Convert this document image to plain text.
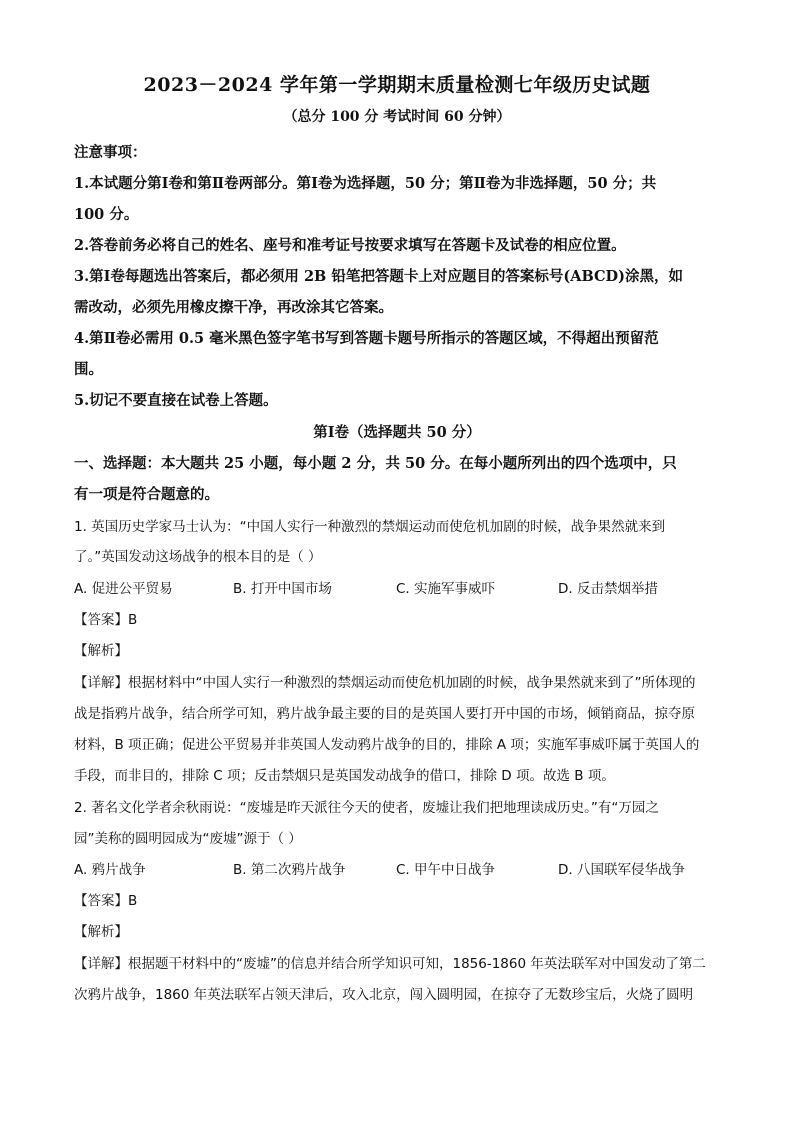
2023－2024 学年第一学期期末质量检测七年级历史试题
（总分 100 分 考试时间 60 分钟）
注意事项：
1.本试题分第Ⅰ卷和第Ⅱ卷两部分。第Ⅰ卷为选择题，50 分；第Ⅱ卷为非选择题，50 分；共
100 分。
2.答卷前务必将自己的姓名、座号和准考证号按要求填写在答题卡及试卷的相应位置。
3.第Ⅰ卷每题选出答案后，都必须用 2B 铅笔把答题卡上对应题目的答案标号(ABCD)涂黑，如
需改动，必须先用橡皮擦干净，再改涂其它答案。
4.第Ⅱ卷必需用 0.5 毫米黑色签字笔书写到答题卡题号所指示的答题区域，不得超出预留范
围。
5.切记不要直接在试卷上答题。
第Ⅰ卷（选择题共 50 分）
一、选择题：本大题共 25 小题，每小题 2 分，共 50 分。在每小题所列出的四个选项中，只
有一项是符合题意的。
1. 英国历史学家马士认为：“中国人实行一种激烈的禁烟运动而使危机加剧的时候，战争果然就来到
了。”英国发动这场战争的根本目的是（ ）
A. 促进公平贸易	B. 打开中国市场	C. 实施军事威吓	D. 反击禁烟举措
【答案】B
【解析】
【详解】根据材料中“中国人实行一种激烈的禁烟运动而使危机加剧的时候，战争果然就来到了”所体现的
战是指鸦片战争，结合所学可知，鸦片战争最主要的目的是英国人要打开中国的市场，倾销商品，掠夺原
材料，B 项正确；促进公平贸易并非英国人发动鸦片战争的目的，排除 A 项；实施军事威吓属于英国人的
手段，而非目的，排除 C 项；反击禁烟只是英国发动战争的借口，排除 D 项。故选 B 项。
2. 著名文化学者余秋雨说：“废墟是昨天派往今天的使者，废墟让我们把地理读成历史。”有“万园之
园”美称的圆明园成为“废墟”源于（ ）
A. 鸦片战争	B. 第二次鸦片战争	C. 甲午中日战争	D. 八国联军侵华战争
【答案】B
【解析】
【详解】根据题干材料中的“废墟”的信息并结合所学知识可知，1856-1860 年英法联军对中国发动了第二
次鸦片战争，1860 年英法联军占领天津后，攻入北京，闯入圆明园，在掠夺了无数珍宝后，火烧了圆明
